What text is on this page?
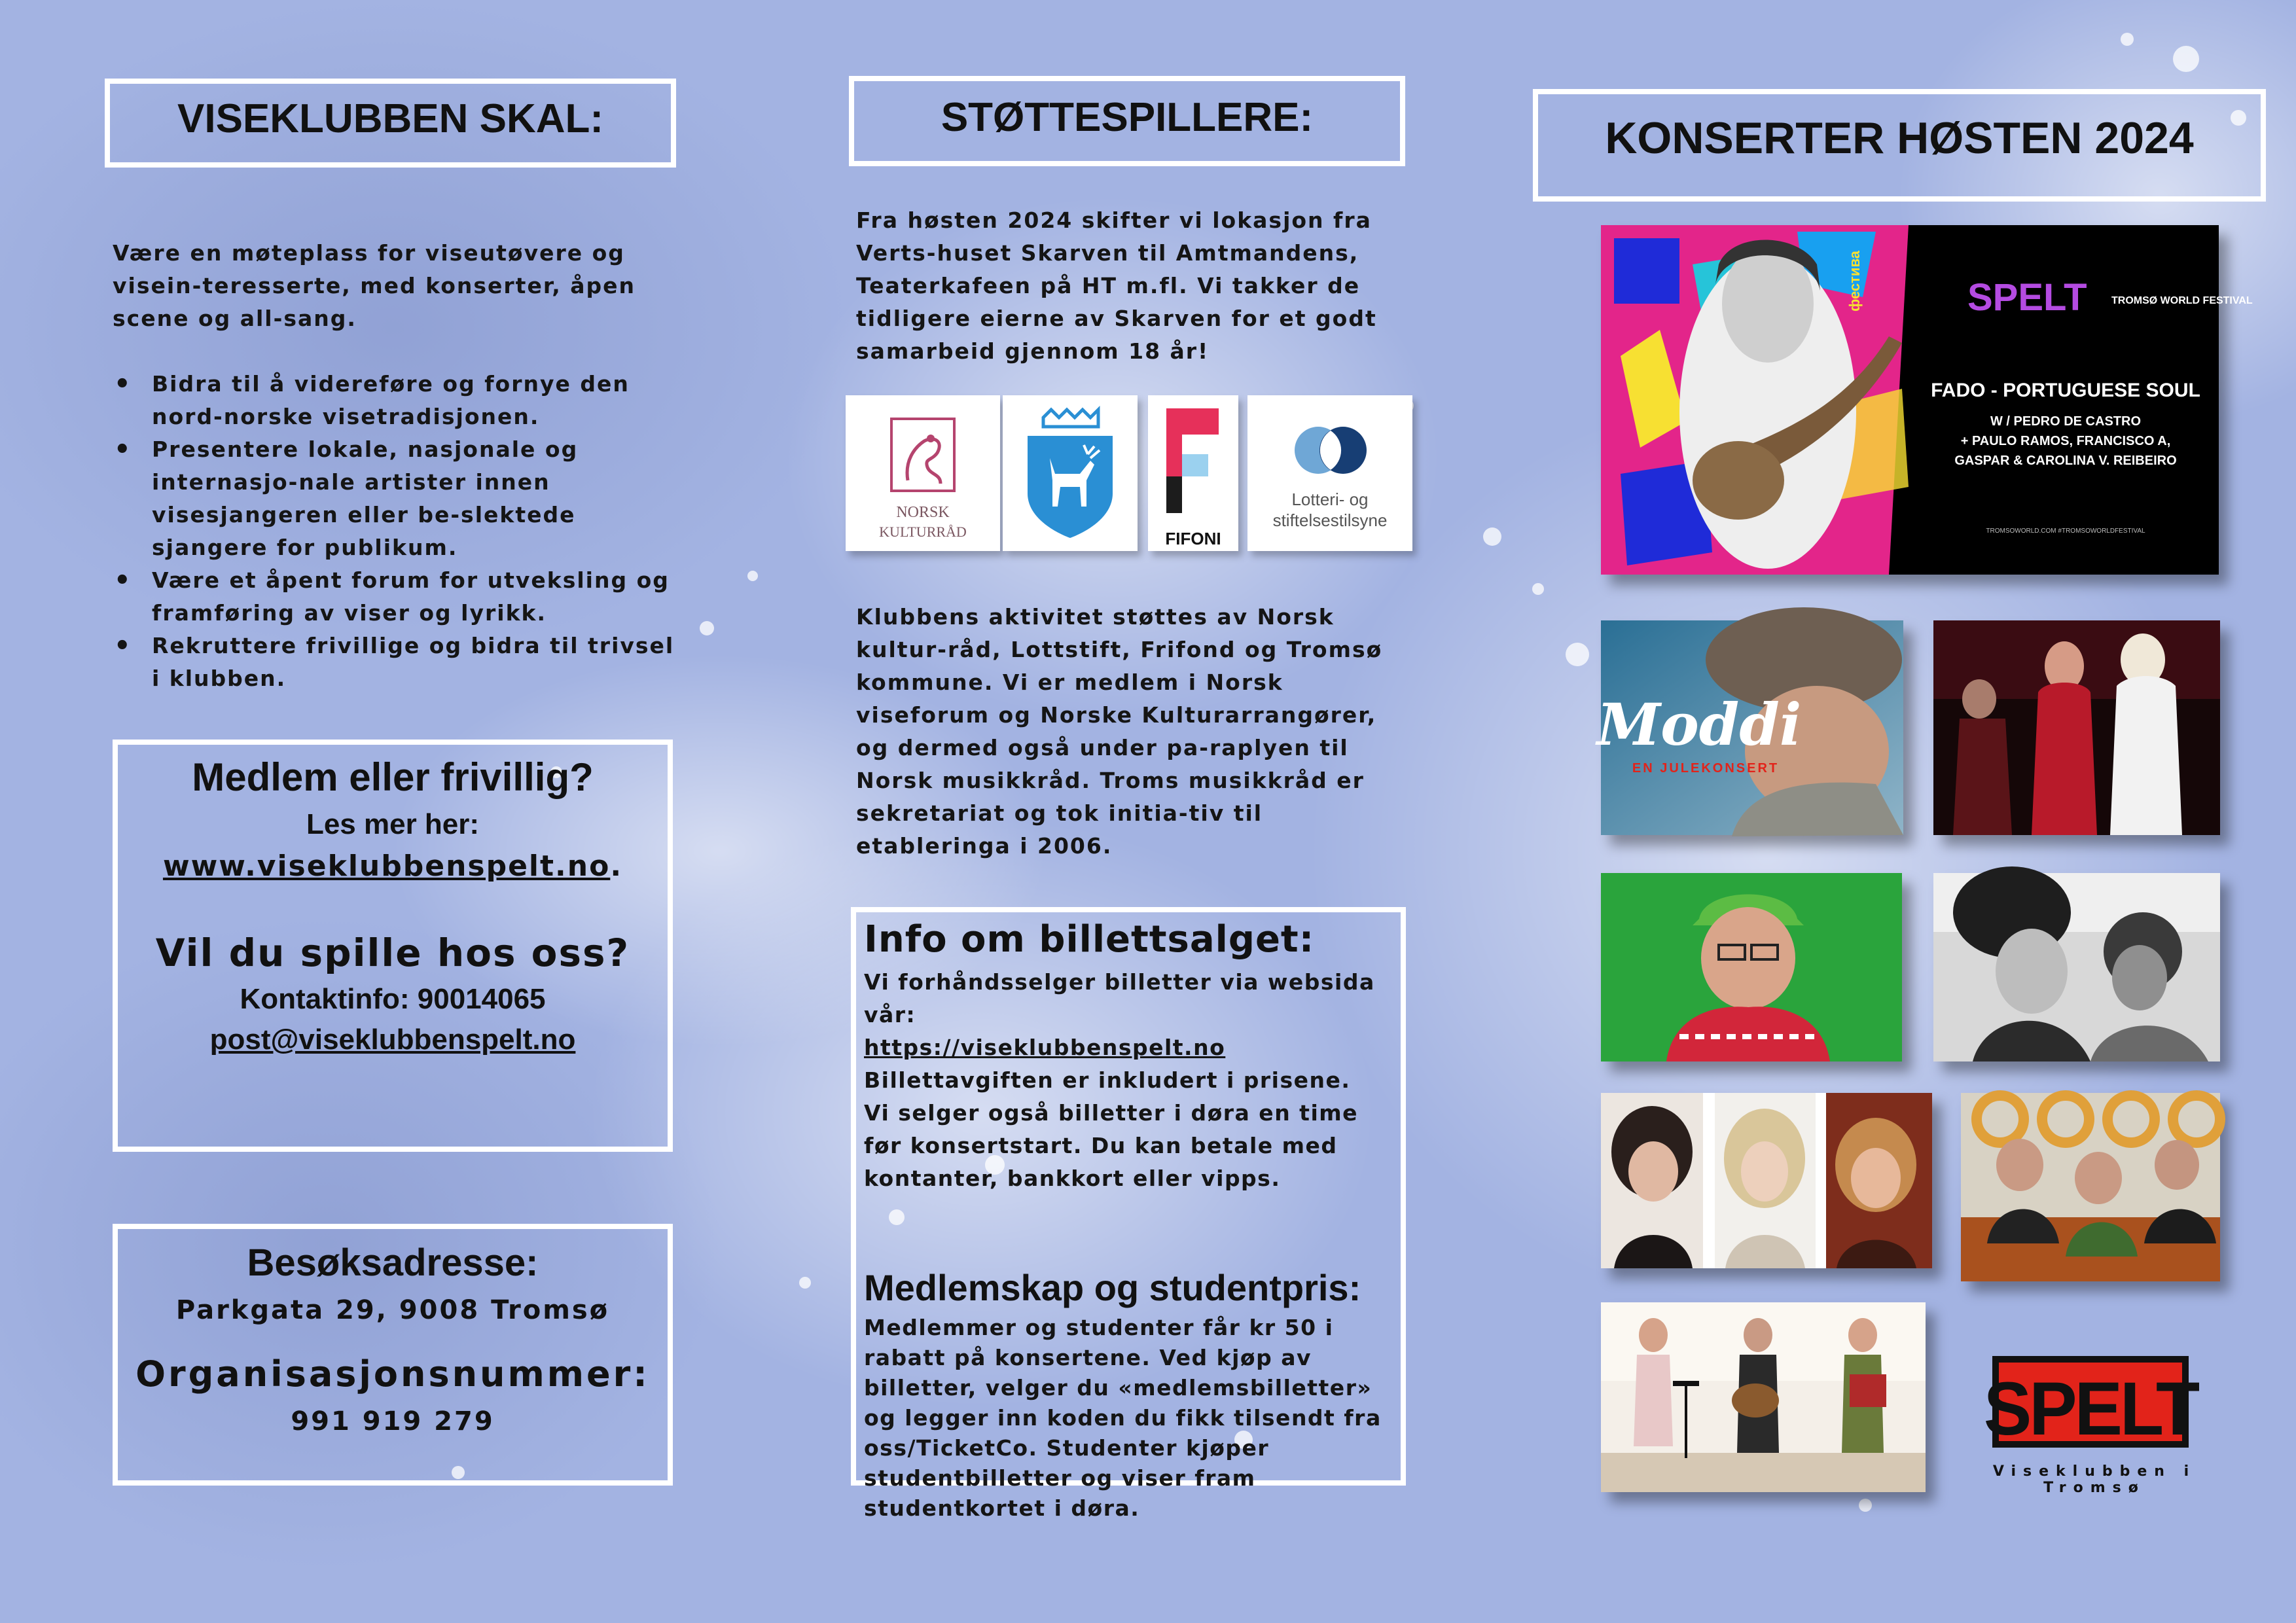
VISEKLUBBEN SKAL:
Være en møteplass for viseutøvere og visein-teresserte, med konserter, åpen scene og all-sang.
• Bidra til å videreføre og fornye den nord-norske visetradisjonen.
• Presentere lokale, nasjonale og internasjo-nale artister innen visesjangeren eller be-slektede sjangere for publikum.
• Være et åpent forum for utveksling og framføring av viser og lyrikk.
• Rekruttere frivillige og bidra til trivsel i klubben.
Medlem eller frivillig?
Les mer her:
www.viseklubbenspelt.no.
Vil du spille hos oss?
Kontaktinfo: 90014065
post@viseklubbenspelt.no
Besøksadresse:
Parkgata 29, 9008 Tromsø
Organisasjonsnummer:
991 919 279
STØTTESPILLERE:
Fra høsten 2024 skifter vi lokasjon fra Verts-huset Skarven til Amtmandens, Teaterkafeen på HT m.fl. Vi takker de tidligere eierne av Skarven for et godt samarbeid gjennom 18 år!
NORSK
KULTURRÅD	FIFONI
Lotteri- og
stiftelsestilsyne
Klubbens aktivitet støttes av Norsk kultur-råd, Lottstift, Frifond og Tromsø kommune. Vi er medlem i Norsk viseforum og Norske Kulturarrangører, og dermed også under pa-raplyen til Norsk musikkråd. Troms musikkråd er sekretariat og tok initia-tiv til etableringa i 2006.
Info om billettsalget:
Vi forhåndsselger billetter via websida vår:
https://viseklubbenspelt.no
Billettavgiften er inkludert i prisene.
Vi selger også billetter i døra en time før konsertstart. Du kan betale med kontanter, bankkort eller vipps.
Medlemskap og studentpris:
Medlemmer og studenter får kr 50 i rabatt på konsertene. Ved kjøp av billetter, velger du «medlemsbilletter» og legger inn koden du fikk tilsendt fra oss/TicketCo. Studenter kjøper studentbilletter og viser fram studentkortet i døra.
KONSERTER HØSTEN 2024
фестива	SPELT TROMSØ WORLD FESTIVAL
FADO - PORTUGUESE SOUL
W / PEDRO DE CASTRO
+ PAULO RAMOS, FRANCISCO A,
GASPAR & CAROLINA V. REIBEIRO
TROMSOWORLD.COM #TROMSOWORLDFESTIVAL
Moddi
EN JULEKONSERT
SPELT
Viseklubben i Tromsø
